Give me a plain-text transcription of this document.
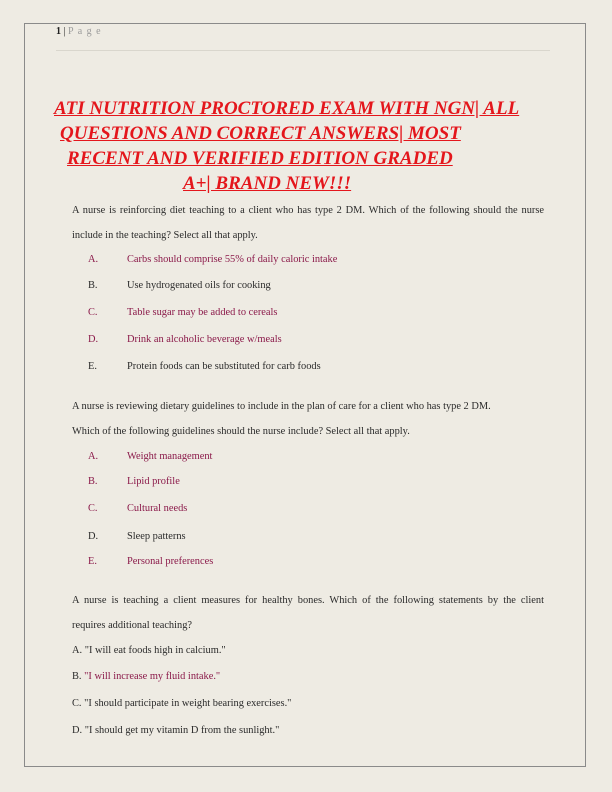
1 | P a g e
ATI NUTRITION PROCTORED EXAM WITH NGN| ALL
QUESTIONS AND CORRECT ANSWERS| MOST
RECENT AND VERIFIED EDITION GRADED
A+| BRAND NEW!!!
A nurse is reinforcing diet teaching to a client who has type 2 DM. Which of the following should the nurse
include in the teaching? Select all that apply.
A.	Carbs should comprise 55% of daily caloric intake
B.	Use hydrogenated oils for cooking
C.	Table sugar may be added to cereals
D.	Drink an alcoholic beverage w/meals
E.	Protein foods can be substituted for carb foods
A nurse is reviewing dietary guidelines to include in the plan of care for a client who has type 2 DM.
Which of the following guidelines should the nurse include? Select all that apply.
A.	Weight management
B.	Lipid profile
C.	Cultural needs
D.	Sleep patterns
E.	Personal preferences
A nurse is teaching a client measures for healthy bones. Which of the following statements by the client
requires additional teaching?
A. "I will eat foods high in calcium."
B. "I will increase my fluid intake."
C. "I should participate in weight bearing exercises."
D. "I should get my vitamin D from the sunlight."
